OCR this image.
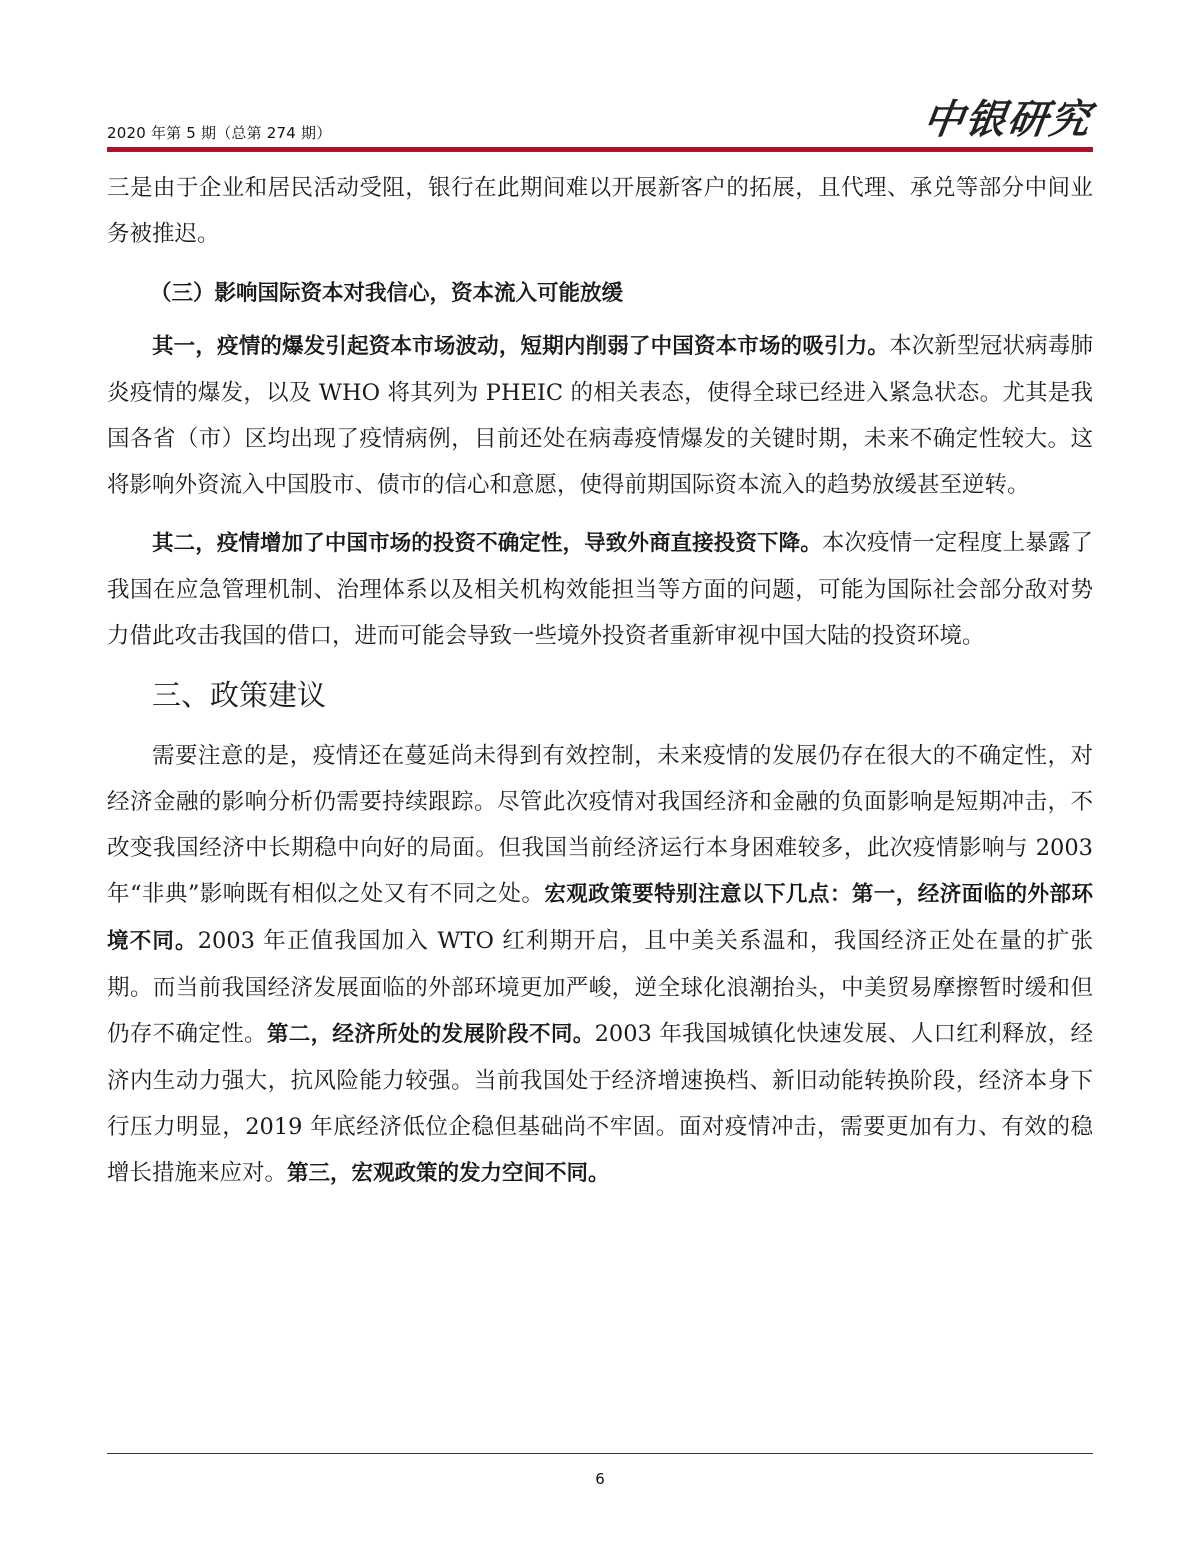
2020 年第 5 期（总第 274 期）	中银研究

三是由于企业和居民活动受阻，银行在此期间难以开展新客户的拓展，且代理、承兑等部分中间业务被推迟。

（三）影响国际资本对我信心，资本流入可能放缓

其一，疫情的爆发引起资本市场波动，短期内削弱了中国资本市场的吸引力。本次新型冠状病毒肺炎疫情的爆发，以及 WHO 将其列为 PHEIC 的相关表态，使得全球已经进入紧急状态。尤其是我国各省（市）区均出现了疫情病例，目前还处在病毒疫情爆发的关键时期，未来不确定性较大。这将影响外资流入中国股市、债市的信心和意愿，使得前期国际资本流入的趋势放缓甚至逆转。

其二，疫情增加了中国市场的投资不确定性，导致外商直接投资下降。本次疫情一定程度上暴露了我国在应急管理机制、治理体系以及相关机构效能担当等方面的问题，可能为国际社会部分敌对势力借此攻击我国的借口，进而可能会导致一些境外投资者重新审视中国大陆的投资环境。

三、政策建议

需要注意的是，疫情还在蔓延尚未得到有效控制，未来疫情的发展仍存在很大的不确定性，对经济金融的影响分析仍需要持续跟踪。尽管此次疫情对我国经济和金融的负面影响是短期冲击，不改变我国经济中长期稳中向好的局面。但我国当前经济运行本身困难较多，此次疫情影响与 2003 年“非典”影响既有相似之处又有不同之处。宏观政策要特别注意以下几点：第一，经济面临的外部环境不同。2003 年正值我国加入 WTO 红利期开启，且中美关系温和，我国经济正处在量的扩张期。而当前我国经济发展面临的外部环境更加严峻，逆全球化浪潮抬头，中美贸易摩擦暂时缓和但仍存不确定性。第二，经济所处的发展阶段不同。2003 年我国城镇化快速发展、人口红利释放，经济内生动力强大，抗风险能力较强。当前我国处于经济增速换档、新旧动能转换阶段，经济本身下行压力明显，2019 年底经济低位企稳但基础尚不牢固。面对疫情冲击，需要更加有力、有效的稳增长措施来应对。第三，宏观政策的发力空间不同。

6
